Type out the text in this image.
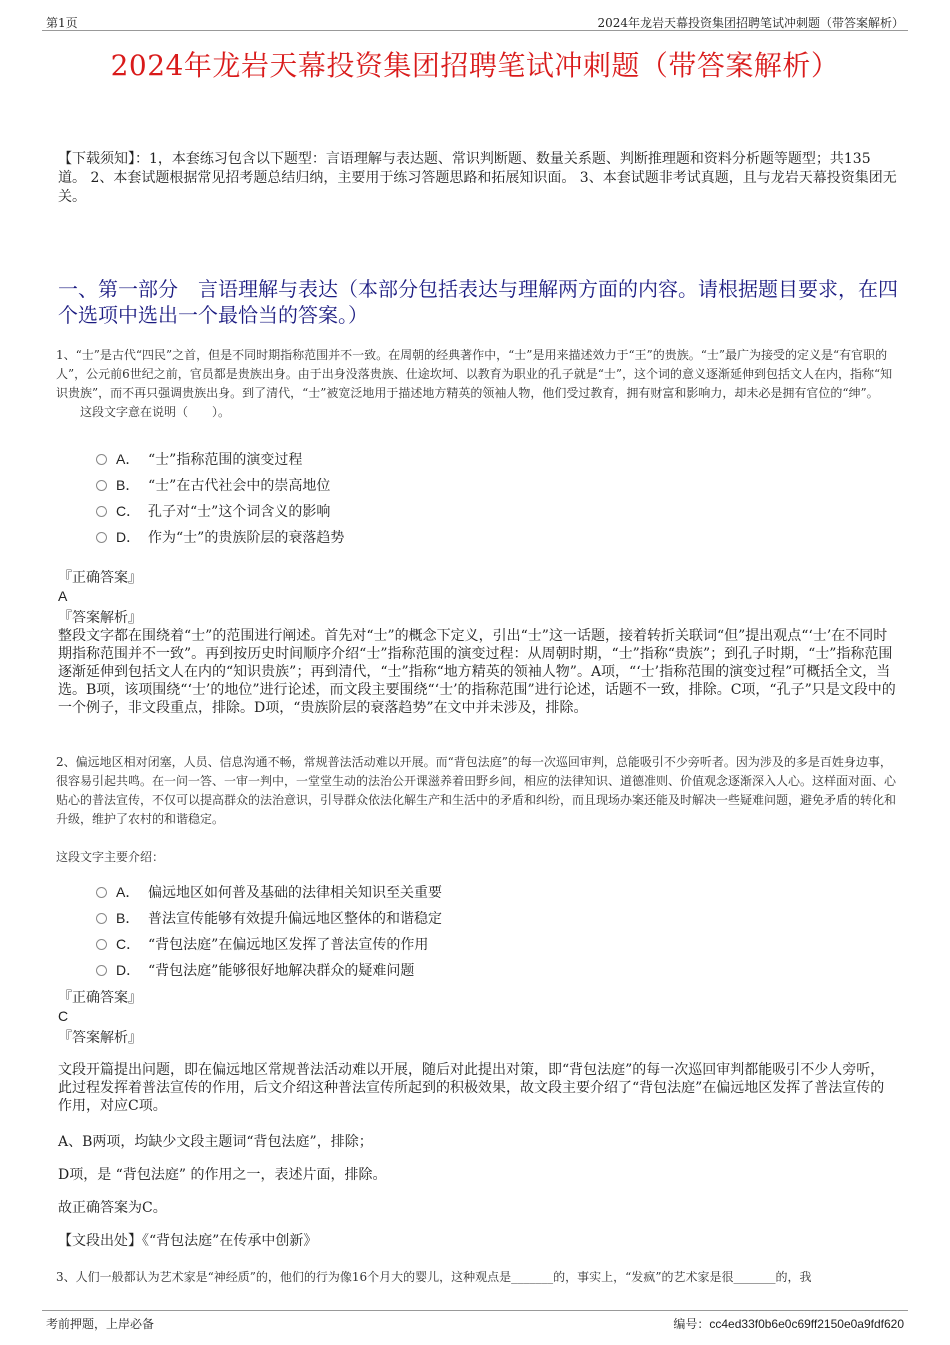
第1页	2024年龙岩天幕投资集团招聘笔试冲刺题（带答案解析）
2024年龙岩天幕投资集团招聘笔试冲刺题（带答案解析）
【下载须知】：1，本套练习包含以下题型：言语理解与表达题、常识判断题、数量关系题、判断推理题和资料分析题等题型；共135道。 2、本套试题根据常见招考题总结归纳，主要用于练习答题思路和拓展知识面。 3、本套试题非考试真题，且与龙岩天幕投资集团无关。
一、第一部分　言语理解与表达（本部分包括表达与理解两方面的内容。请根据题目要求，在四个选项中选出一个最恰当的答案。）
1、“士”是古代“四民”之首，但是不同时期指称范围并不一致。在周朝的经典著作中，“士”是用来描述效力于“王”的贵族。“士”最广为接受的定义是“有官职的人”，公元前6世纪之前，官员都是贵族出身。由于出身没落贵族、仕途坎坷、以教育为职业的孔子就是“士”，这个词的意义逐渐延伸到包括文人在内，指称“知识贵族”，而不再只强调贵族出身。到了清代，“士”被宽泛地用于描述地方精英的领袖人物，他们受过教育，拥有财富和影响力，却未必是拥有官位的“绅”。
这段文字意在说明（　　）。
A． “士”指称范围的演变过程
B． “士”在古代社会中的崇高地位
C． 孔子对“士”这个词含义的影响
D． 作为“士”的贵族阶层的衰落趋势
『正确答案』
A
『答案解析』
整段文字都在围绕着“士”的范围进行阐述。首先对“士”的概念下定义，引出“士”这一话题，接着转折关联词“但”提出观点“‘士’在不同时期指称范围并不一致”。再到按历史时间顺序介绍“士”指称范围的演变过程：从周朝时期，“士”指称“贵族”；到孔子时期，“士”指称范围逐渐延伸到包括文人在内的“知识贵族”；再到清代，“士”指称“地方精英的领袖人物”。A项，“‘士’指称范围的演变过程”可概括全文，当选。B项，该项围绕“‘士’的地位”进行论述，而文段主要围绕“‘士’的指称范围”进行论述，话题不一致，排除。C项，“孔子”只是文段中的一个例子，非文段重点，排除。D项，“贵族阶层的衰落趋势”在文中并未涉及，排除。
2、偏远地区相对闭塞，人员、信息沟通不畅，常规普法活动难以开展。而“背包法庭”的每一次巡回审判，总能吸引不少旁听者。因为涉及的多是百姓身边事，很容易引起共鸣。在一问一答、一审一判中，一堂堂生动的法治公开课滋养着田野乡间，相应的法律知识、道德准则、价值观念逐渐深入人心。这样面对面、心贴心的普法宣传，不仅可以提高群众的法治意识，引导群众依法化解生产和生活中的矛盾和纠纷，而且现场办案还能及时解决一些疑难问题，避免矛盾的转化和升级，维护了农村的和谐稳定。
这段文字主要介绍：
A． 偏远地区如何普及基础的法律相关知识至关重要
B． 普法宣传能够有效提升偏远地区整体的和谐稳定
C． “背包法庭”在偏远地区发挥了普法宣传的作用
D． “背包法庭”能够很好地解决群众的疑难问题
『正确答案』
C
『答案解析』
文段开篇提出问题，即在偏远地区常规普法活动难以开展，随后对此提出对策，即“背包法庭”的每一次巡回审判都能吸引不少人旁听，此过程发挥着普法宣传的作用，后文介绍这种普法宣传所起到的积极效果，故文段主要介绍了“背包法庭”在偏远地区发挥了普法宣传的作用，对应C项。
A、B两项，均缺少文段主题词“背包法庭”，排除；
D项，是 “背包法庭” 的作用之一，表述片面，排除。
故正确答案为C。
【文段出处】《“背包法庭”在传承中创新》
3、人们一般都认为艺术家是“神经质”的，他们的行为像16个月大的婴儿，这种观点是_______的，事实上，“发疯”的艺术家是很_______的，我
考前押题，上岸必备	编号：cc4ed33f0b6e0c69ff2150e0a9fdf620
